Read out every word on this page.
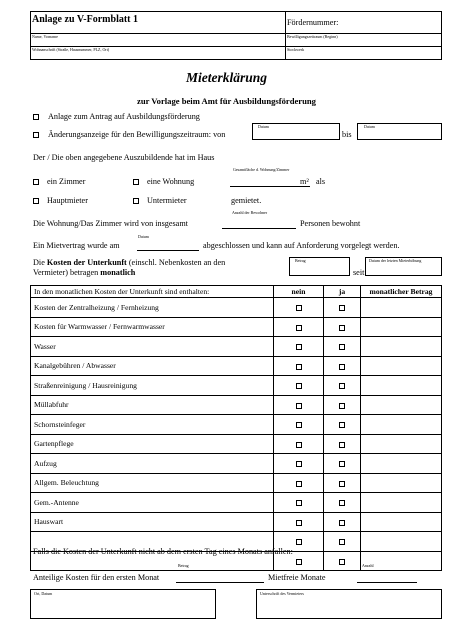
Anlage zu V-Formblatt 1	Fördernummer:
Name, Vorname	Bewilligungszeitraum (Beginn)
Wohnanschrift (Straße, Hausnummer, PLZ, Ort)	Stockwerk
Mieterklärung
zur Vorlage beim Amt für Ausbildungsförderung
Anlage zum Antrag auf Ausbildungsförderung
Änderungsanzeige für den Bewilligungszeitraum: von
Datum
bis
Datum
Der / Die oben angegebene Auszubildende hat im Haus
ein Zimmer	eine Wohnung
Gesamtfläche d. Wohnung/Zimmer
m² als
Hauptmieter	Untermieter	gemietet.
Die Wohnung/Das Zimmer wird von insgesamt
Anzahl der Bewohner
Personen bewohnt
Ein Mietvertrag wurde am
Datum
abgeschlossen und kann auf Anforderung vorgelegt werden.
Die Kosten der Unterkunft (einschl. Nebenkosten an den
Vermieter) betragen monatlich
Betrag
seit
Datum der letzten Mieterhöhung
In den monatlichen Kosten der Unterkunft sind enthalten:	nein	ja	monatlicher Betrag
Kosten der Zentralheizung / Fernheizung			
Kosten für Warmwasser / Fernwarmwasser			
Wasser			
Kanalgebühren / Abwasser			
Straßenreinigung / Hausreinigung			
Müllabfuhr			
Schornsteinfeger			
Gartenpflege			
Aufzug			
Allgem. Beleuchtung			
Gem.-Antenne			
Hauswart			

Falls die Kosten der Unterkunft nicht ab dem ersten Tag eines Monats anfallen:
Anteilige Kosten für den ersten Monat
Betrag
Mietfreie Monate
Anzahl
Ort, Datum	Unterschrift des Vermieters
